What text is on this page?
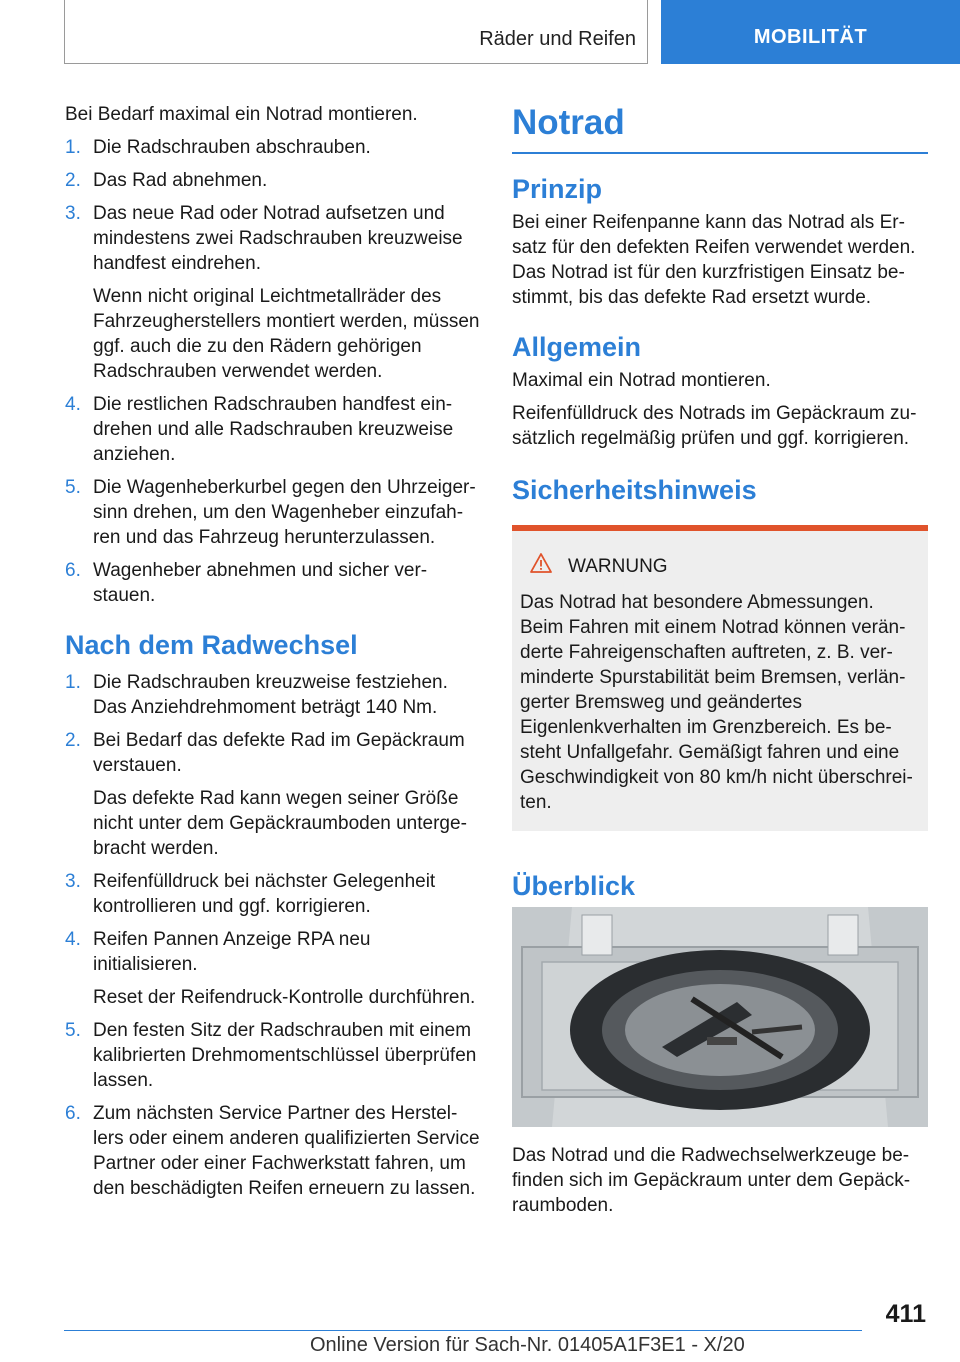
Räder und Reifen	MOBILITÄT

Bei Bedarf maximal ein Notrad montieren.

1. Die Radschrauben abschrauben.
2. Das Rad abnehmen.
3. Das neue Rad oder Notrad aufsetzen und mindestens zwei Radschrauben kreuzweise handfest eindrehen.
Wenn nicht original Leichtmetallräder des Fahrzeugherstellers montiert werden, müssen ggf. auch die zu den Rädern gehörigen Radschrauben verwendet werden.
4. Die restlichen Radschrauben handfest eindrehen und alle Radschrauben kreuzweise anziehen.
5. Die Wagenheberkurbel gegen den Uhrzeigersinn drehen, um den Wagenheber einzufahren und das Fahrzeug herunterzulassen.
6. Wagenheber abnehmen und sicher verstauen.
Nach dem Radwechsel
1. Die Radschrauben kreuzweise festziehen. Das Anziehdrehmoment beträgt 140 Nm.
2. Bei Bedarf das defekte Rad im Gepäckraum verstauen.
Das defekte Rad kann wegen seiner Größe nicht unter dem Gepäckraumboden untergebracht werden.
3. Reifenfülldruck bei nächster Gelegenheit kontrollieren und ggf. korrigieren.
4. Reifen Pannen Anzeige RPA neu initialisieren.
Reset der Reifendruck-Kontrolle durchführen.
5. Den festen Sitz der Radschrauben mit einem kalibrierten Drehmomentschlüssel überprüfen lassen.
6. Zum nächsten Service Partner des Herstellers oder einem anderen qualifizierten Service Partner oder einer Fachwerkstatt fahren, um den beschädigten Reifen erneuern zu lassen.
Notrad
Prinzip

Bei einer Reifenpanne kann das Notrad als Ersatz für den defekten Reifen verwendet werden. Das Notrad ist für den kurzfristigen Einsatz bestimmt, bis das defekte Rad ersetzt wurde.

Allgemein

Maximal ein Notrad montieren.

Reifenfülldruck des Notrads im Gepäckraum zusätzlich regelmäßig prüfen und ggf. korrigieren.

Sicherheitshinweis
WARNUNG
Das Notrad hat besondere Abmessungen. Beim Fahren mit einem Notrad können veränderte Fahreigenschaften auftreten, z. B. verminderte Spurstabilität beim Bremsen, verlängerter Bremsweg und geändertes Eigenlenkverhalten im Grenzbereich. Es besteht Unfallgefahr. Gemäßigt fahren und eine Geschwindigkeit von 80 km/h nicht überschreiten.
Überblick

Das Notrad und die Radwechselwerkzeuge befinden sich im Gepäckraum unter dem Gepäckraumboden.

411
Online Version für Sach-Nr. 01405A1F3E1 - X/20
